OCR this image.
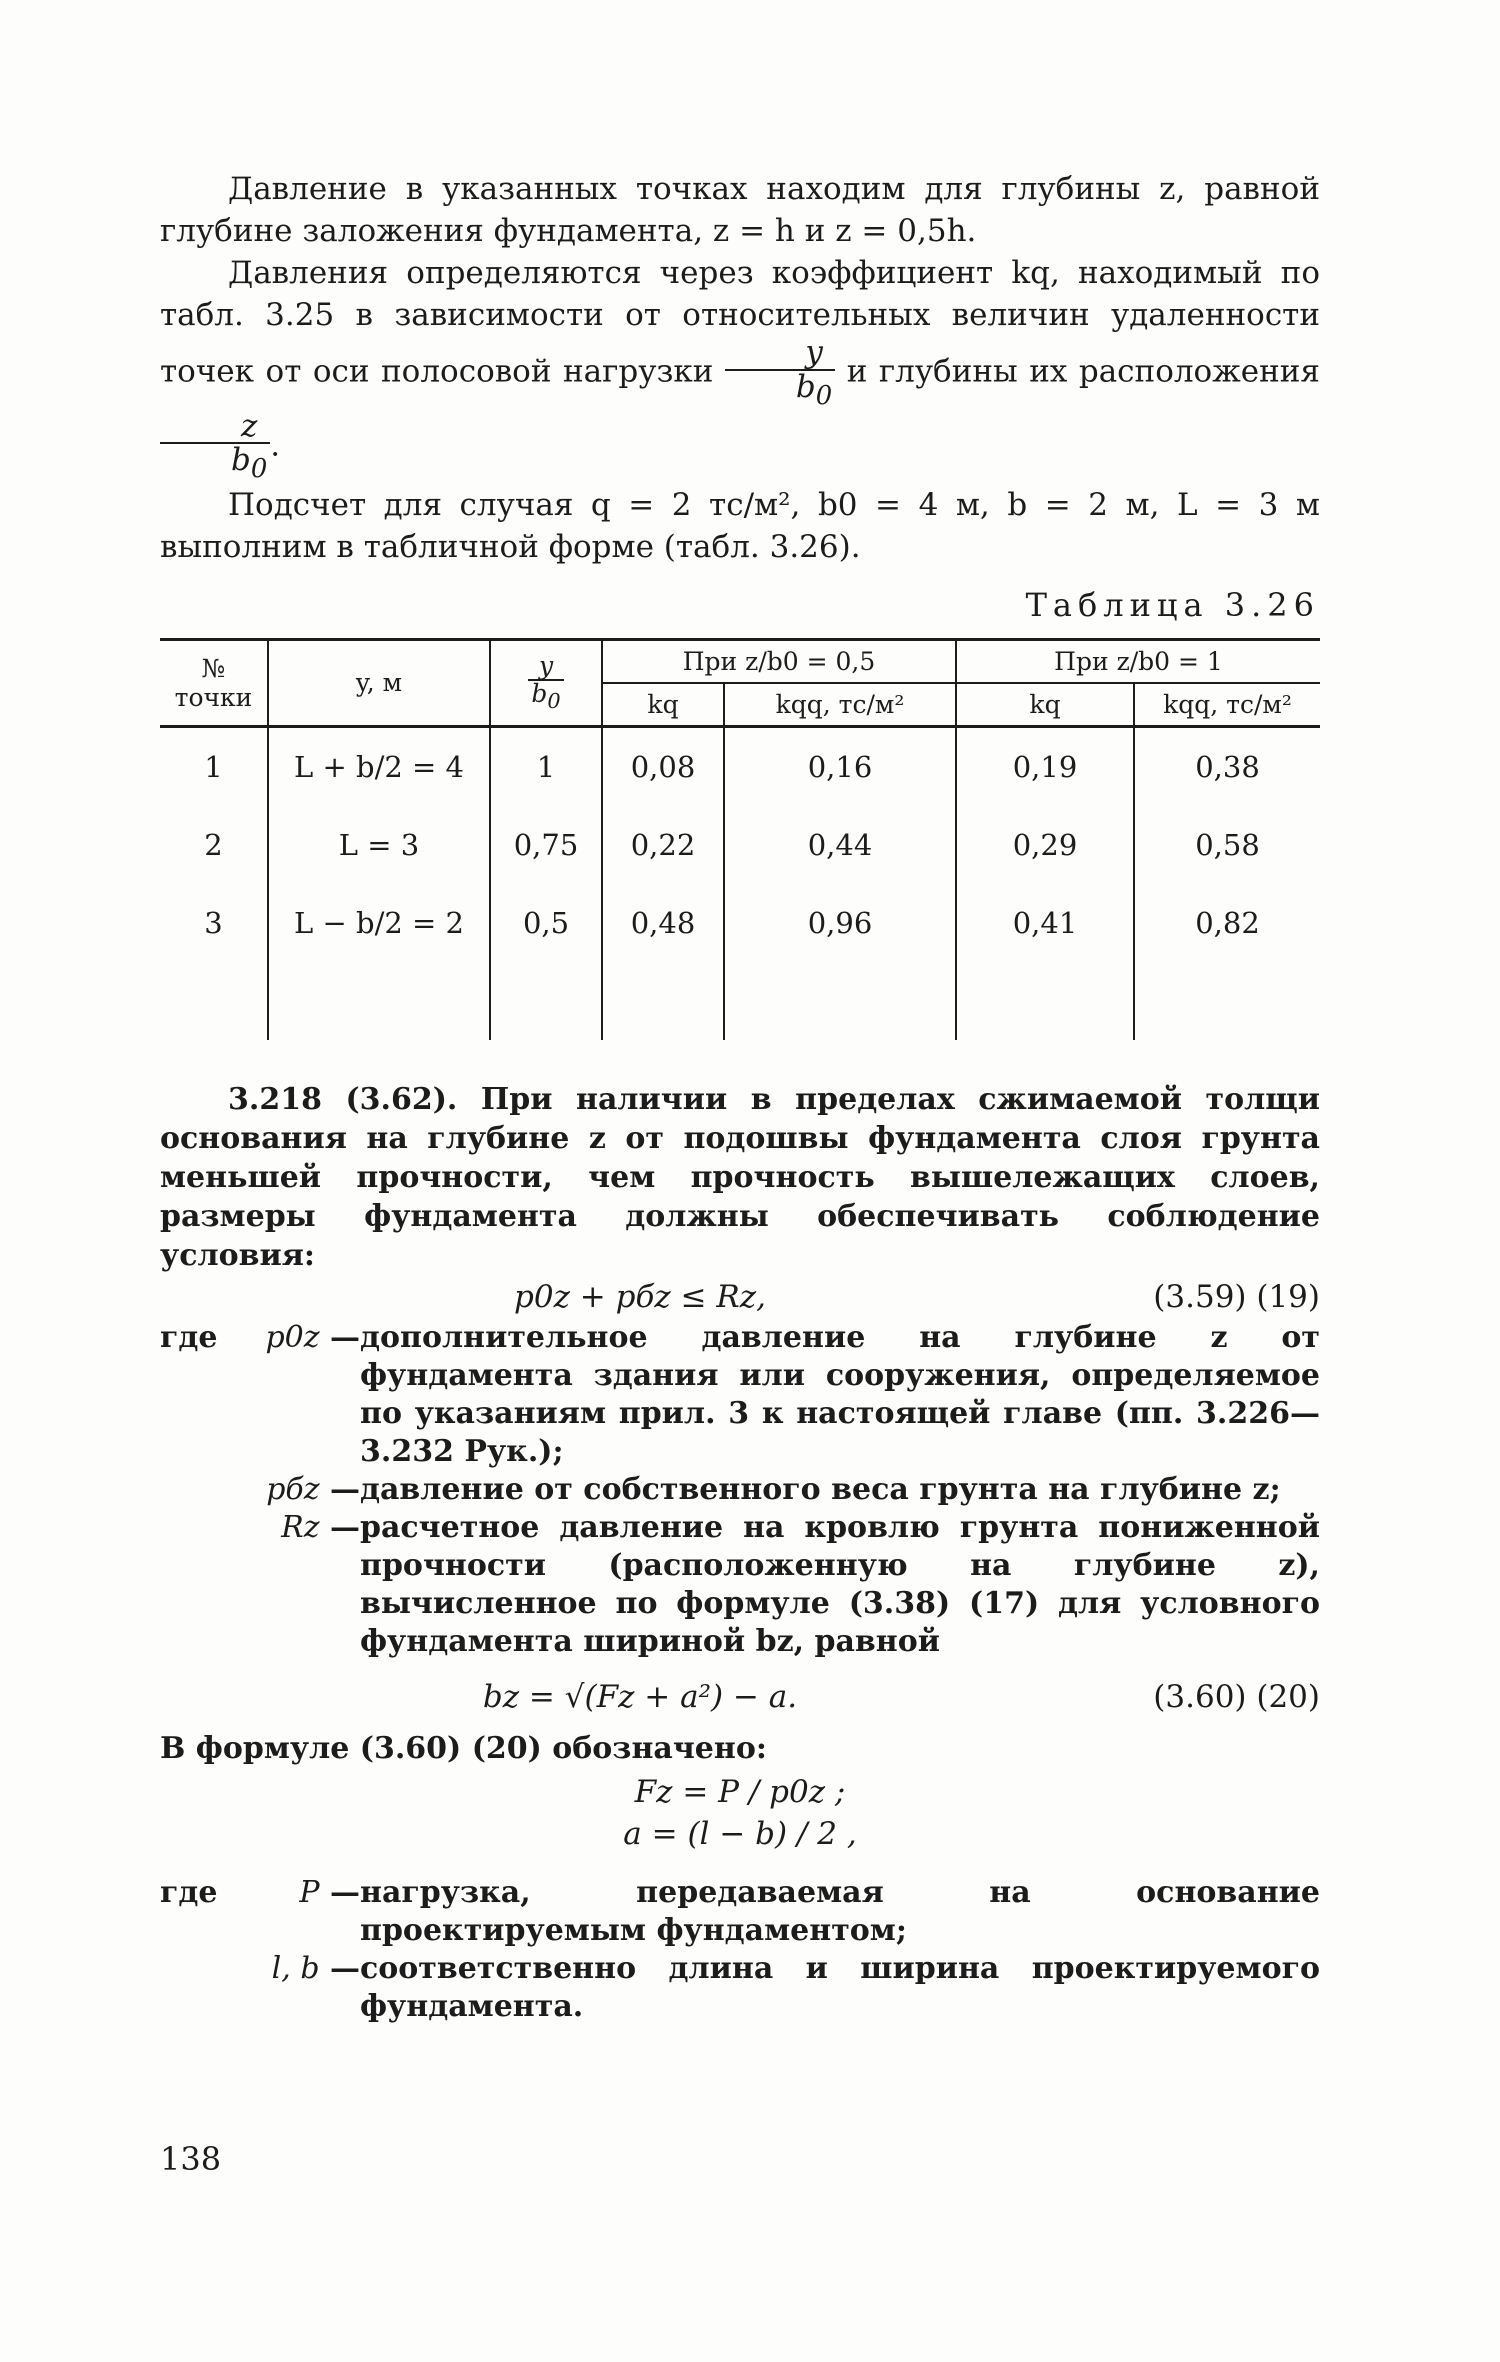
Давление в указанных точках находим для глубины z, равной глубине заложения фундамента, z = h и z = 0,5h.

Давления определяются через коэффициент kq, находимый по табл. 3.25 в зависимости от относительных величин удаленности точек от оси полосовой нагрузки $\frac{y}{b_0}$ и глубины их расположения
$\frac{z}{b_0}$ .

Подсчет для случая q = 2 тс/м², b0 = 4 м, b = 2 м, L = 3 м выполним в табличной форме (табл. 3.26).

Таблица 3.26
№ точки	y, м	$\frac{y}{b_0}$	При z/b0 = 0,5		При z/b0 = 1	
			kq	kqq, тс/м²	kq	kqq, тс/м²
1	L + b/2 = 4	1	0,08	0,16	0,19	0,38
2	L = 3	0,75	0,22	0,44	0,29	0,58
3	L − b/2 = 2	0,5	0,48	0,96	0,41	0,82

3.218 (3.62). При наличии в пределах сжимаемой толщи основания на глубине z от подошвы фундамента слоя грунта меньшей прочности, чем прочность вышележащих слоев, размеры фундамента должны обеспечивать соблюдение условия:

p0z + pбz ≤ Rz,	(3.59) (19)
где p0z — дополнительное давление на глубине z от фундамента здания или сооружения, определяемое по указаниям прил. 3 к настоящей главе (пп. 3.226—3.232 Рук.);
pбz — давление от собственного веса грунта на глубине z;
Rz — расчетное давление на кровлю грунта пониженной прочности (расположенную на глубине z), вычисленное по формуле (3.38) (17) для условного фундамента шириной bz, равной
bz = √(Fz + a²) − a.	(3.60) (20)

В формуле (3.60) (20) обозначено:

Fz = P / p0z ;
a = (l − b) / 2 ,
где	P — нагрузка, передаваемая на основание проектируемым фундаментом;
l, b — соответственно длина и ширина проектируемого фундамента.
138
